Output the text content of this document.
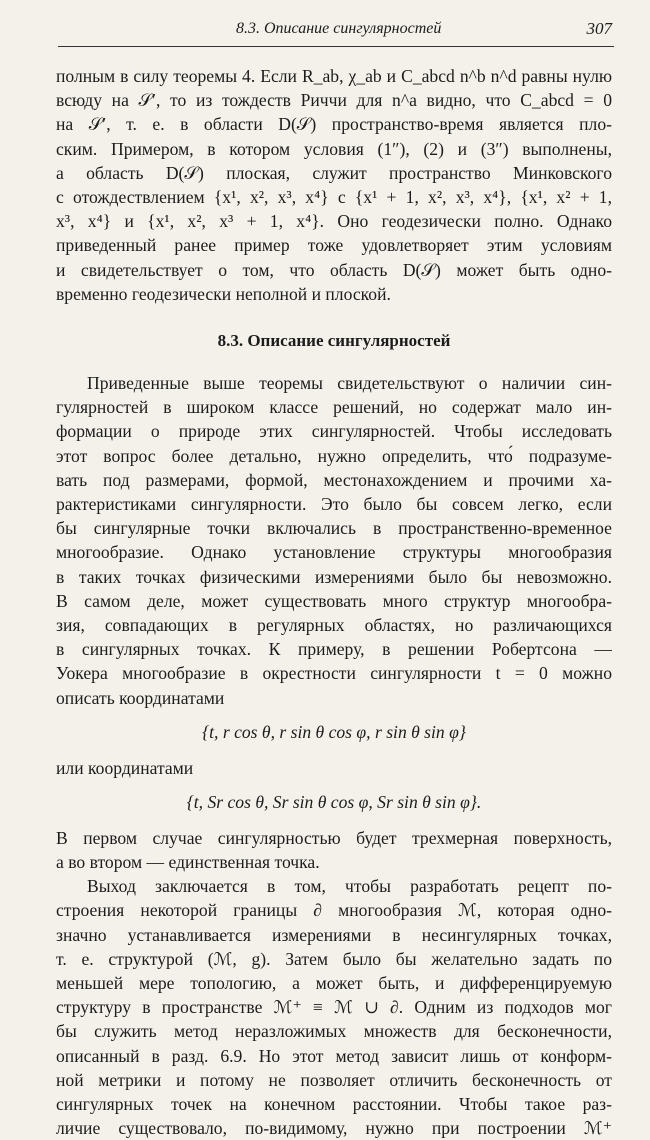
8.3. Описание сингулярностей	307
полным в силу теоремы 4. Если R_ab, χ_ab и C_abcd n^b n^d равны нулю
всюду на 𝒮′, то из тождеств Риччи для n^a видно, что C_abcd = 0
на 𝒮′, т. е. в области D(𝒮) пространство-время является пло-
ским. Примером, в котором условия (1″), (2) и (3″) выполнены,
а область D(𝒮) плоская, служит пространство Минковского
с отождествлением {x¹, x², x³, x⁴} с {x¹ + 1, x², x³, x⁴}, {x¹, x² + 1,
x³, x⁴} и {x¹, x², x³ + 1, x⁴}. Оно геодезически полно. Однако
приведенный ранее пример тоже удовлетворяет этим условиям
и свидетельствует о том, что область D(𝒮) может быть одно-
временно геодезически неполной и плоской.
8.3. Описание сингулярностей
Приведенные выше теоремы свидетельствуют о наличии син-
гулярностей в широком классе решений, но содержат мало ин-
формации о природе этих сингулярностей. Чтобы исследовать
этот вопрос более детально, нужно определить, что́ подразуме-
вать под размерами, формой, местонахождением и прочими ха-
рактеристиками сингулярности. Это было бы совсем легко, если
бы сингулярные точки включались в пространственно-временное
многообразие. Однако установление структуры многообразия
в таких точках физическими измерениями было бы невозможно.
В самом деле, может существовать много структур многообра-
зия, совпадающих в регулярных областях, но различающихся
в сингулярных точках. К примеру, в решении Робертсона —
Уокера многообразие в окрестности сингулярности t = 0 можно
описать координатами
{t, r cos θ, r sin θ cos φ, r sin θ sin φ}
или координатами
{t, Sr cos θ, Sr sin θ cos φ, Sr sin θ sin φ}.
В первом случае сингулярностью будет трехмерная поверхность,
а во втором — единственная точка.
Выход заключается в том, чтобы разработать рецепт по-
строения некоторой границы ∂ многообразия ℳ, которая одно-
значно устанавливается измерениями в несингулярных точках,
т. е. структурой (ℳ, g). Затем было бы желательно задать по
меньшей мере топологию, а может быть, и дифференцируемую
структуру в пространстве ℳ⁺ ≡ ℳ ∪ ∂. Одним из подходов мог
бы служить метод неразложимых множеств для бесконечности,
описанный в разд. 6.9. Но этот метод зависит лишь от конформ-
ной метрики и потому не позволяет отличить бесконечность от
сингулярных точек на конечном расстоянии. Чтобы такое раз-
личие существовало, по-видимому, нужно при построении ℳ⁺
